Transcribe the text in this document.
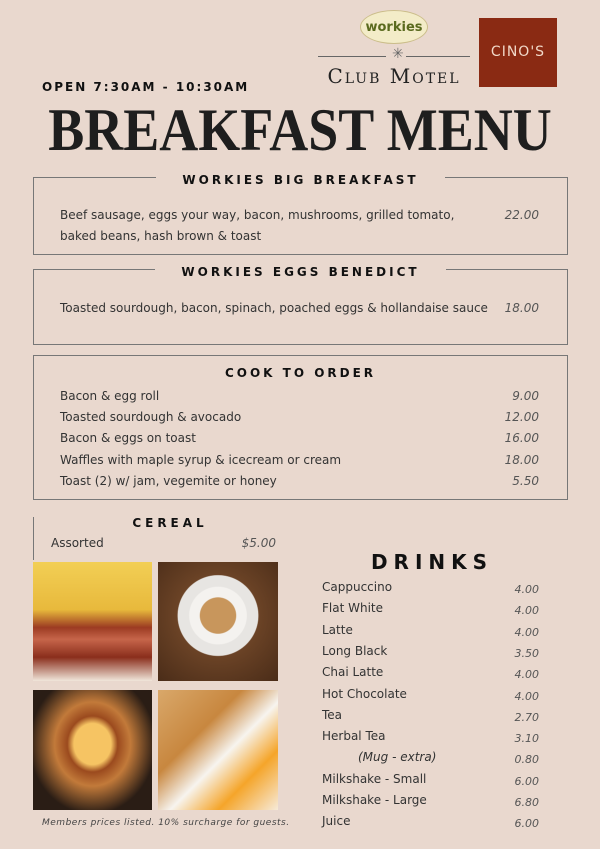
workies
CINO'S
✳
Club Motel
OPEN 7:30AM - 10:30AM
BREAKFAST MENU
WORKIES BIG BREAKFAST
Beef sausage, eggs your way, bacon, mushrooms, grilled tomato, baked beans, hash brown & toast
22.00
WORKIES EGGS BENEDICT
Toasted sourdough, bacon, spinach, poached eggs & hollandaise sauce 18.00
COOK TO ORDER
Bacon & egg roll	9.00
Toasted sourdough & avocado	12.00
Bacon & eggs on toast	16.00
Waffles with maple syrup & icecream or cream	18.00
Toast (2) w/ jam, vegemite or honey	5.50
CEREAL
Assorted	$5.00
DRINKS
Cappuccino	4.00
Flat White	4.00
Latte	4.00
Long Black	3.50
Chai Latte	4.00
Hot Chocolate	4.00
Tea	2.70
Herbal Tea	3.10
(Mug - extra)	0.80
Milkshake - Small	6.00
Milkshake - Large	6.80
Juice	6.00
Members prices listed. 10% surcharge for guests.
